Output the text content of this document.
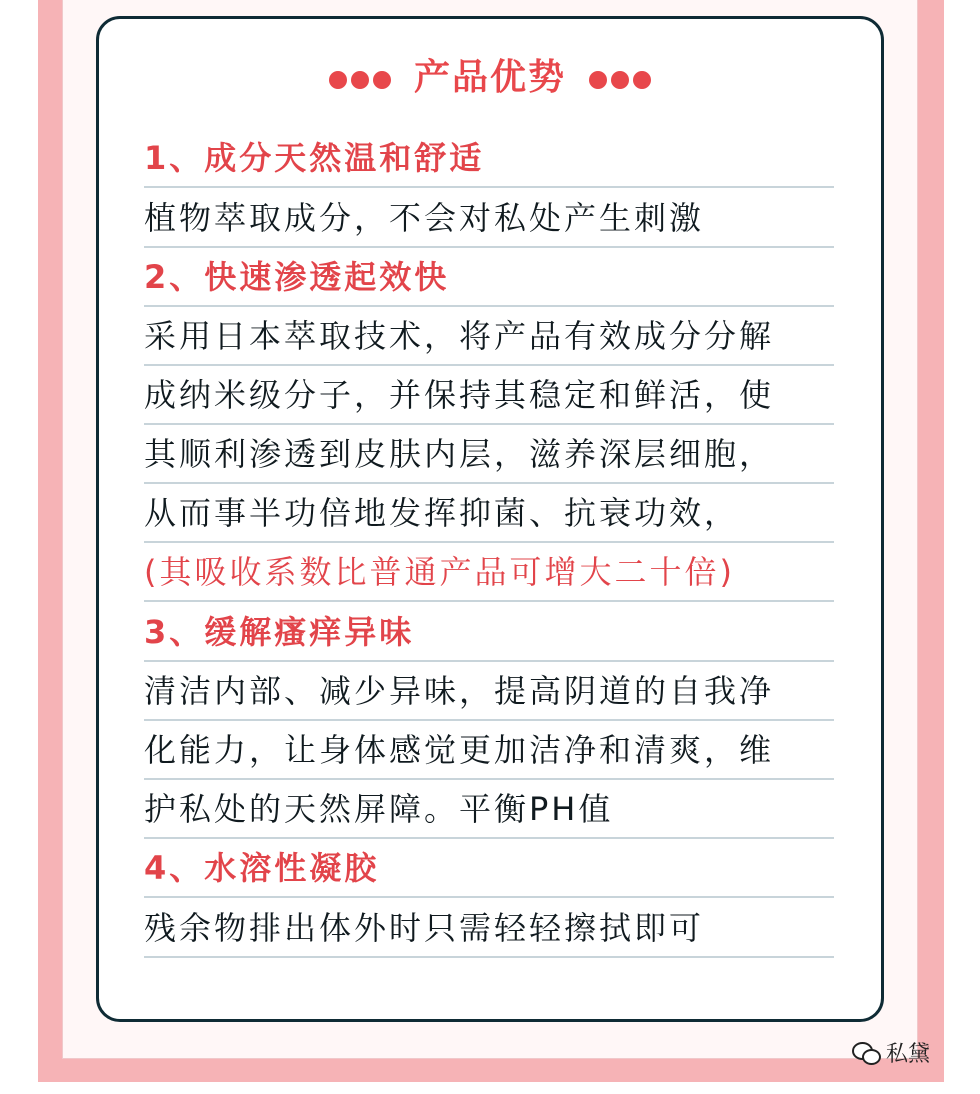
产品优势
1、成分天然温和舒适
植物萃取成分，不会对私处产生刺激
2、快速渗透起效快
采用日本萃取技术，将产品有效成分分解
成纳米级分子，并保持其稳定和鲜活，使
其顺利渗透到皮肤内层，滋养深层细胞，
从而事半功倍地发挥抑菌、抗衰功效，
(其吸收系数比普通产品可增大二十倍)
3、缓解瘙痒异味
清洁内部、减少异味，提高阴道的自我净
化能力，让身体感觉更加洁净和清爽，维
护私处的天然屏障。平衡PH值
4、水溶性凝胶
残余物排出体外时只需轻轻擦拭即可
私黛
